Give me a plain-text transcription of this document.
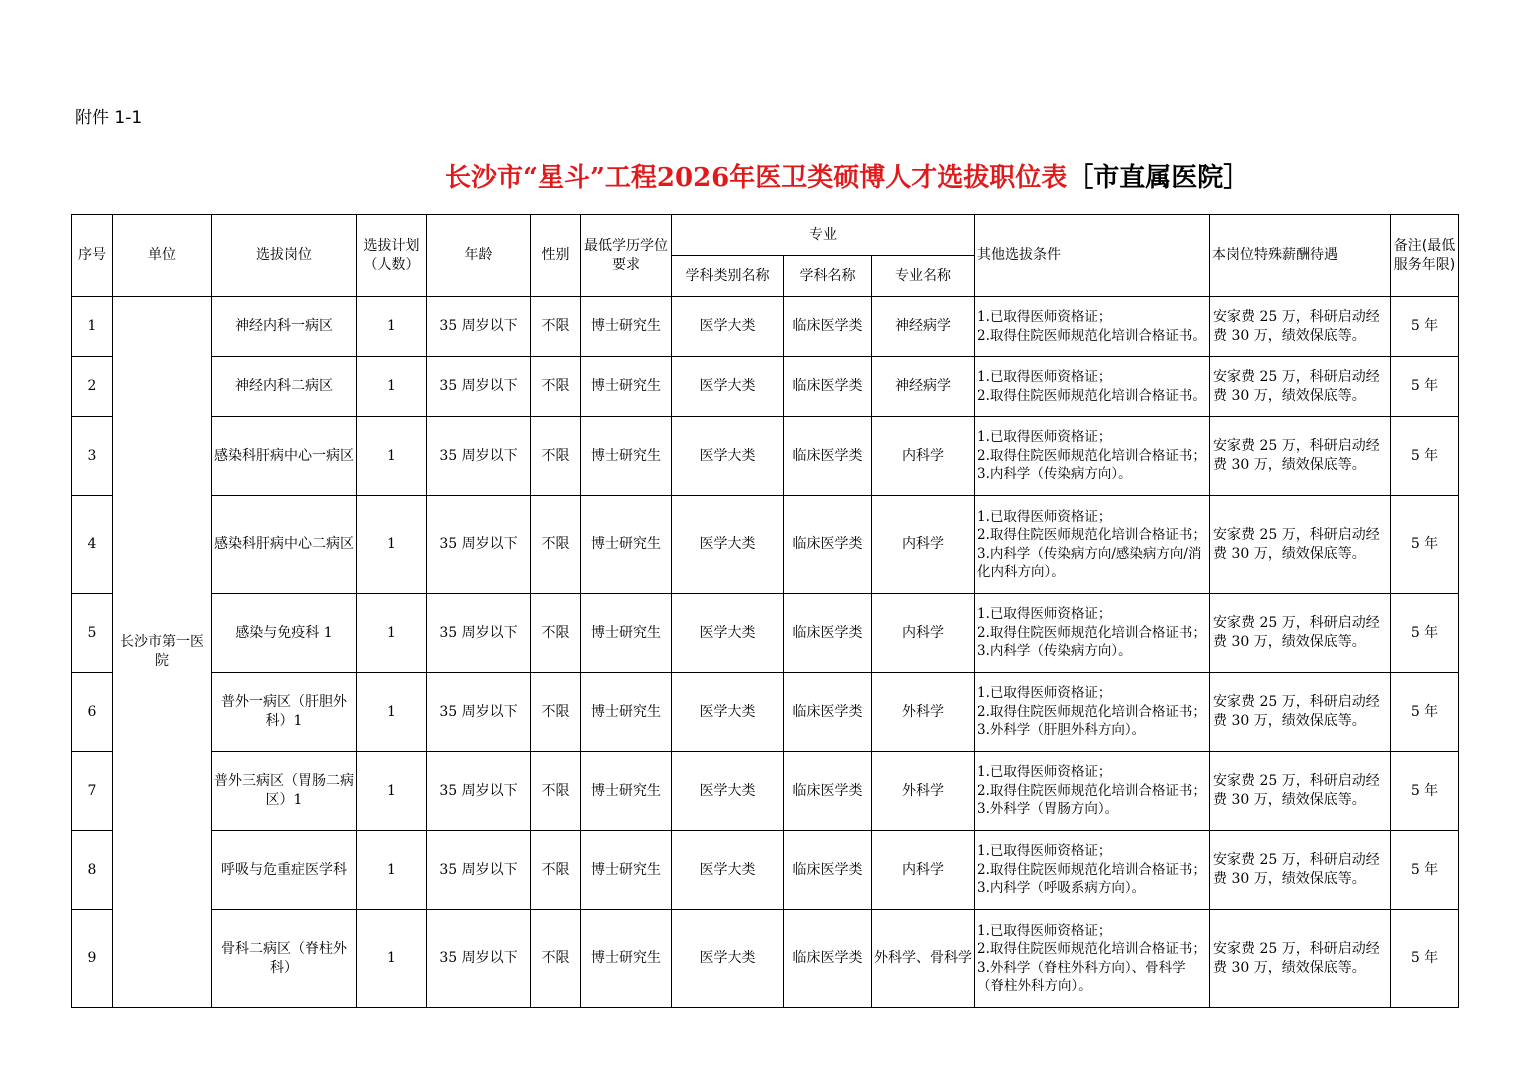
附件 1-1
长沙市“星斗”工程2026年医卫类硕博人才选拔职位表［市直属医院］
序号	单位	选拔岗位	选拔计划（人数）	年龄	性别	最低学历学位要求	专业			其他选拔条件	本岗位特殊薪酬待遇	备注(最低服务年限)
							学科类别名称	学科名称	专业名称			
1	长沙市第一医院	神经内科一病区	1	35 周岁以下	不限	博士研究生	医学大类	临床医学类	神经病学	1.已取得医师资格证；
2.取得住院医师规范化培训合格证书。	安家费 25 万，科研启动经费 30 万，绩效保底等。	5 年
2		神经内科二病区	1	35 周岁以下	不限	博士研究生	医学大类	临床医学类	神经病学	1.已取得医师资格证；
2.取得住院医师规范化培训合格证书。	安家费 25 万，科研启动经费 30 万，绩效保底等。	5 年
3		感染科肝病中心一病区	1	35 周岁以下	不限	博士研究生	医学大类	临床医学类	内科学	1.已取得医师资格证；
2.取得住院医师规范化培训合格证书；
3.内科学（传染病方向）。	安家费 25 万，科研启动经费 30 万，绩效保底等。	5 年
4		感染科肝病中心二病区	1	35 周岁以下	不限	博士研究生	医学大类	临床医学类	内科学	1.已取得医师资格证；
2.取得住院医师规范化培训合格证书；
3.内科学（传染病方向/感染病方向/消化内科方向）。	安家费 25 万，科研启动经费 30 万，绩效保底等。	5 年
5		感染与免疫科 1	1	35 周岁以下	不限	博士研究生	医学大类	临床医学类	内科学	1.已取得医师资格证；
2.取得住院医师规范化培训合格证书；
3.内科学（传染病方向）。	安家费 25 万，科研启动经费 30 万，绩效保底等。	5 年
6		普外一病区（肝胆外科）1	1	35 周岁以下	不限	博士研究生	医学大类	临床医学类	外科学	1.已取得医师资格证；
2.取得住院医师规范化培训合格证书；
3.外科学（肝胆外科方向）。	安家费 25 万，科研启动经费 30 万，绩效保底等。	5 年
7		普外三病区（胃肠二病区）1	1	35 周岁以下	不限	博士研究生	医学大类	临床医学类	外科学	1.已取得医师资格证；
2.取得住院医师规范化培训合格证书；
3.外科学（胃肠方向）。	安家费 25 万，科研启动经费 30 万，绩效保底等。	5 年
8		呼吸与危重症医学科	1	35 周岁以下	不限	博士研究生	医学大类	临床医学类	内科学	1.已取得医师资格证；
2.取得住院医师规范化培训合格证书；
3.内科学（呼吸系病方向）。	安家费 25 万，科研启动经费 30 万，绩效保底等。	5 年
9		骨科二病区（脊柱外科）	1	35 周岁以下	不限	博士研究生	医学大类	临床医学类	外科学、骨科学	1.已取得医师资格证；
2.取得住院医师规范化培训合格证书；
3.外科学（脊柱外科方向）、骨科学（脊柱外科方向）。	安家费 25 万，科研启动经费 30 万，绩效保底等。	5 年
